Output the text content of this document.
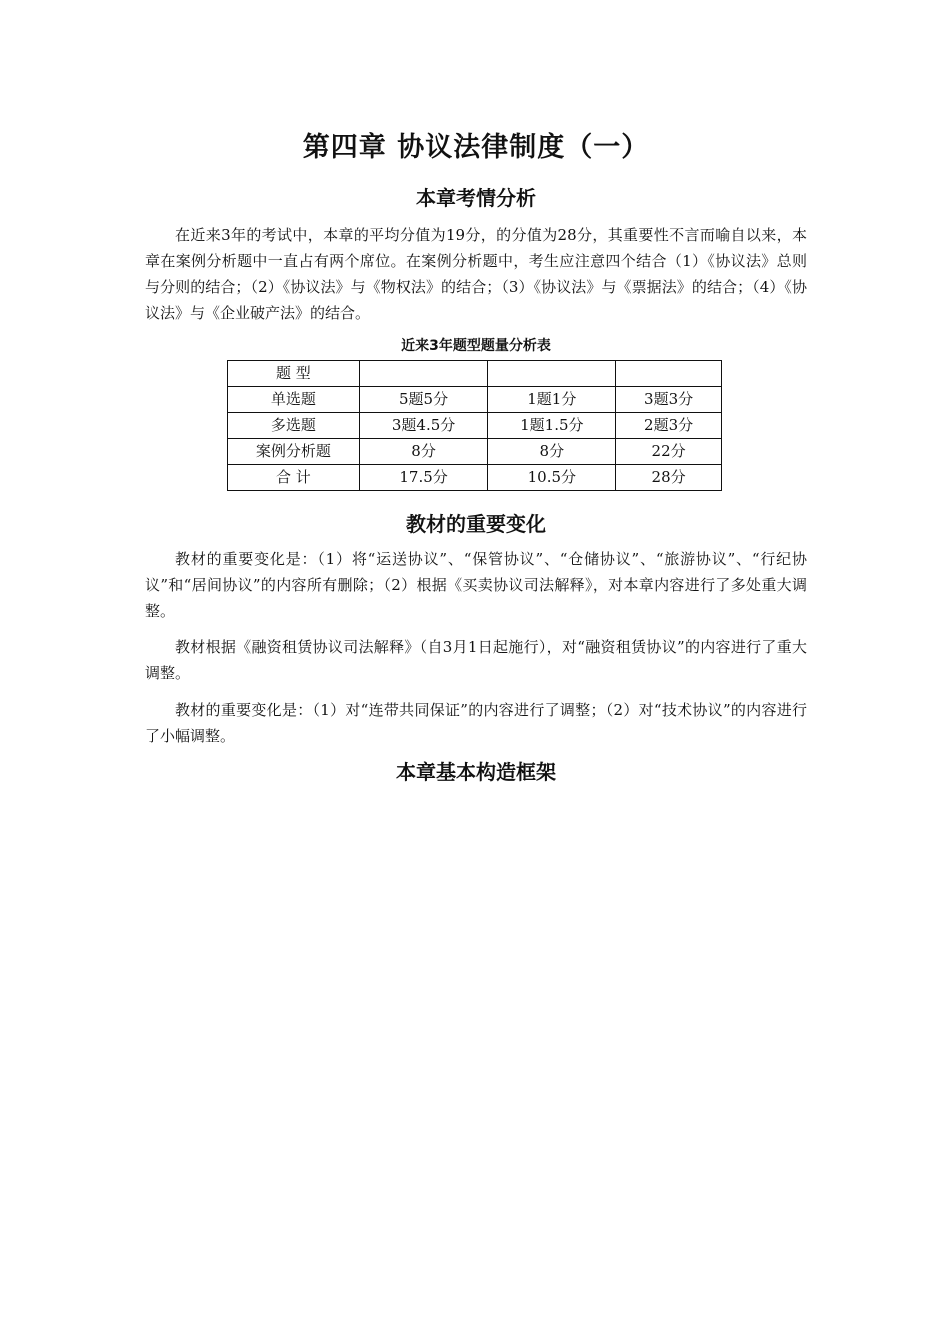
第四章 协议法律制度（一）
本章考情分析

在近来3年的考试中，本章的平均分值为19分，的分值为28分，其重要性不言而喻自以来，本章在案例分析题中一直占有两个席位。在案例分析题中，考生应注意四个结合（1）《协议法》总则与分则的结合；（2）《协议法》与《物权法》的结合；（3）《协议法》与《票据法》的结合；（4）《协议法》与《企业破产法》的结合。

近来3年题型题量分析表
题 型			
单选题	5题5分	1题1分	3题3分
多选题	3题4.5分	1题1.5分	2题3分
案例分析题	8分	8分	22分
合 计	17.5分	10.5分	28分
教材的重要变化

教材的重要变化是：（1）将“运送协议”、“保管协议”、“仓储协议”、“旅游协议”、“行纪协议”和“居间协议”的内容所有删除；（2）根据《买卖协议司法解释》，对本章内容进行了多处重大调整。

教材根据《融资租赁协议司法解释》（自3月1日起施行），对“融资租赁协议”的内容进行了重大调整。

教材的重要变化是：（1）对“连带共同保证”的内容进行了调整；（2）对“技术协议”的内容进行了小幅调整。

本章基本构造框架
